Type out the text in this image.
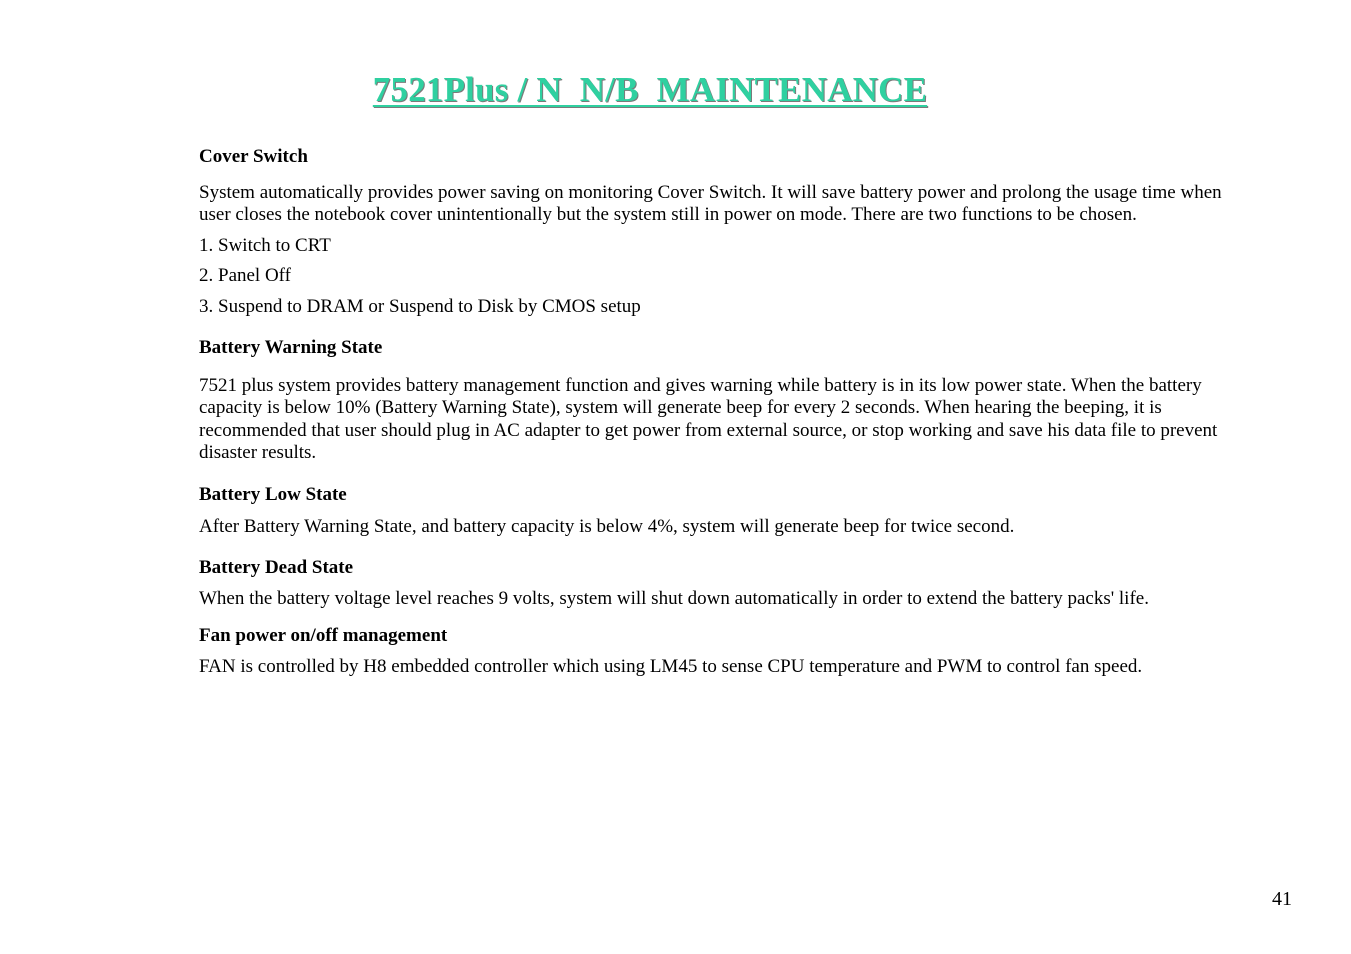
7521Plus / N  N/B  MAINTENANCE

Cover Switch

System automatically provides power saving on monitoring Cover Switch. It will save battery power and prolong the usage time when user closes the notebook cover unintentionally but the system still in power on mode. There are two functions to be chosen.

1. Switch to CRT

2. Panel Off

3. Suspend to DRAM or Suspend to Disk by CMOS setup

Battery Warning State

7521 plus system provides battery management function and gives warning while battery is in its low power state. When the battery capacity is below 10% (Battery Warning State), system will generate beep for every 2 seconds. When hearing the beeping, it is recommended that user should plug in AC adapter to get power from external source, or stop working and save his data file to prevent disaster results.

Battery Low State

After Battery Warning State, and battery capacity is below 4%, system will generate beep for twice second.

Battery Dead State

When the battery voltage level reaches 9 volts, system will shut down automatically in order to extend the battery packs' life.

Fan power on/off management

FAN is controlled by H8 embedded controller which using LM45 to sense CPU temperature and PWM to control fan speed.

41
